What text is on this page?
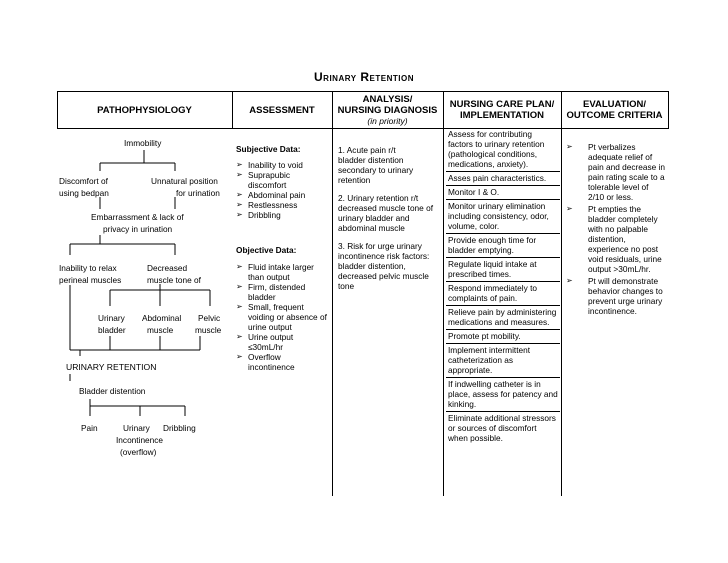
Urinary Retention
PATHOPHYSIOLOGY	ASSESSMENT
ANALYSIS/
NURSING DIAGNOSIS
(in priority)
NURSING CARE PLAN/
IMPLEMENTATION
EVALUATION/
OUTCOME CRITERIA
Immobility
Discomfort of
using bedpan
Unnatural position
for urination
Embarrassment & lack of
privacy in urination
Inability to relax
perineal muscles
Decreased
muscle tone of
Urinary
bladder
Abdominal
muscle
Pelvic
muscle
URINARY RETENTION
Bladder distention
Pain	Urinary Dribbling
Incontinence
(overflow)
Subjective Data:
➢ Inability to void
➢ Suprapubic discomfort
➢ Abdominal pain
➢ Restlessness
➢ Dribbling
Objective Data:
➢ Fluid intake larger than output
➢ Firm, distended bladder
➢ Small, frequent voiding or absence of urine output
➢ Urine output ≤30mL/hr
➢ Overflow incontinence
1. Acute pain r/t bladder distention secondary to urinary retention
2. Urinary retention r/t decreased muscle tone of urinary bladder and abdominal muscle
3. Risk for urge urinary incontinence risk factors: bladder distention, decreased pelvic muscle tone
Assess for contributing factors to urinary retention (pathological conditions, medications, anxiety).
Asses pain characteristics.
Monitor I & O.
Monitor urinary elimination including consistency, odor, volume, color.
Provide enough time for bladder emptying.
Regulate liquid intake at prescribed times.
Respond immediately to complaints of pain.
Relieve pain by administering medications and measures.
Promote pt mobility.
Implement intermittent catheterization as appropriate.
If indwelling catheter is in place, assess for patency and kinking.
Eliminate additional stressors or sources of discomfort when possible.
➢ Pt verbalizes adequate relief of pain and decrease in pain rating scale to a tolerable level of 2/10 or less.
➢ Pt empties the bladder completely with no palpable distention, experience no post void residuals, urine output >30mL/hr.
➢ Pt will demonstrate behavior changes to prevent urge urinary incontinence.
